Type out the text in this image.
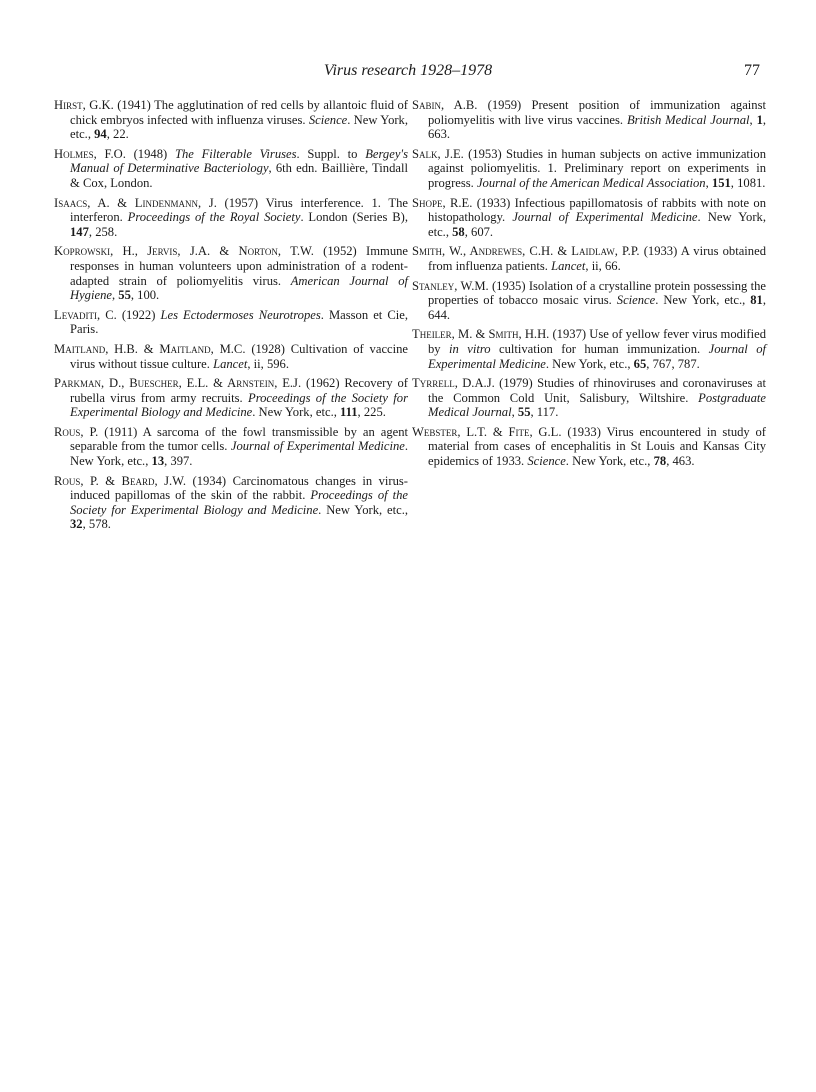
Virus research 1928–1978	77

Hirst, G.K. (1941) The agglutination of red cells by allantoic fluid of chick embryos infected with influenza viruses. Science. New York, etc., 94, 22.

Holmes, F.O. (1948) The Filterable Viruses. Suppl. to Bergey's Manual of Determinative Bacteriology, 6th edn. Baillière, Tindall & Cox, London.

Isaacs, A. & Lindenmann, J. (1957) Virus interference. 1. The interferon. Proceedings of the Royal Society. London (Series B), 147, 258.

Koprowski, H., Jervis, J.A. & Norton, T.W. (1952) Immune responses in human volunteers upon administration of a rodent-adapted strain of poliomyelitis virus. American Journal of Hygiene, 55, 100.

Levaditi, C. (1922) Les Ectodermoses Neurotropes. Masson et Cie, Paris.

Maitland, H.B. & Maitland, M.C. (1928) Cultivation of vaccine virus without tissue culture. Lancet, ii, 596.

Parkman, D., Buescher, E.L. & Arnstein, E.J. (1962) Recovery of rubella virus from army recruits. Proceedings of the Society for Experimental Biology and Medicine. New York, etc., 111, 225.

Rous, P. (1911) A sarcoma of the fowl transmissible by an agent separable from the tumor cells. Journal of Experimental Medicine. New York, etc., 13, 397.

Rous, P. & Beard, J.W. (1934) Carcinomatous changes in virus-induced papillomas of the skin of the rabbit. Proceedings of the Society for Experimental Biology and Medicine. New York, etc., 32, 578.

Sabin, A.B. (1959) Present position of immunization against poliomyelitis with live virus vaccines. British Medical Journal, 1, 663.

Salk, J.E. (1953) Studies in human subjects on active immunization against poliomyelitis. 1. Preliminary report on experiments in progress. Journal of the American Medical Association, 151, 1081.

Shope, R.E. (1933) Infectious papillomatosis of rabbits with note on histopathology. Journal of Experimental Medicine. New York, etc., 58, 607.

Smith, W., Andrewes, C.H. & Laidlaw, P.P. (1933) A virus obtained from influenza patients. Lancet, ii, 66.

Stanley, W.M. (1935) Isolation of a crystalline protein possessing the properties of tobacco mosaic virus. Science. New York, etc., 81, 644.

Theiler, M. & Smith, H.H. (1937) Use of yellow fever virus modified by in vitro cultivation for human immunization. Journal of Experimental Medicine. New York, etc., 65, 767, 787.

Tyrrell, D.A.J. (1979) Studies of rhinoviruses and coronaviruses at the Common Cold Unit, Salisbury, Wiltshire. Postgraduate Medical Journal, 55, 117.

Webster, L.T. & Fite, G.L. (1933) Virus encountered in study of material from cases of encephalitis in St Louis and Kansas City epidemics of 1933. Science. New York, etc., 78, 463.
